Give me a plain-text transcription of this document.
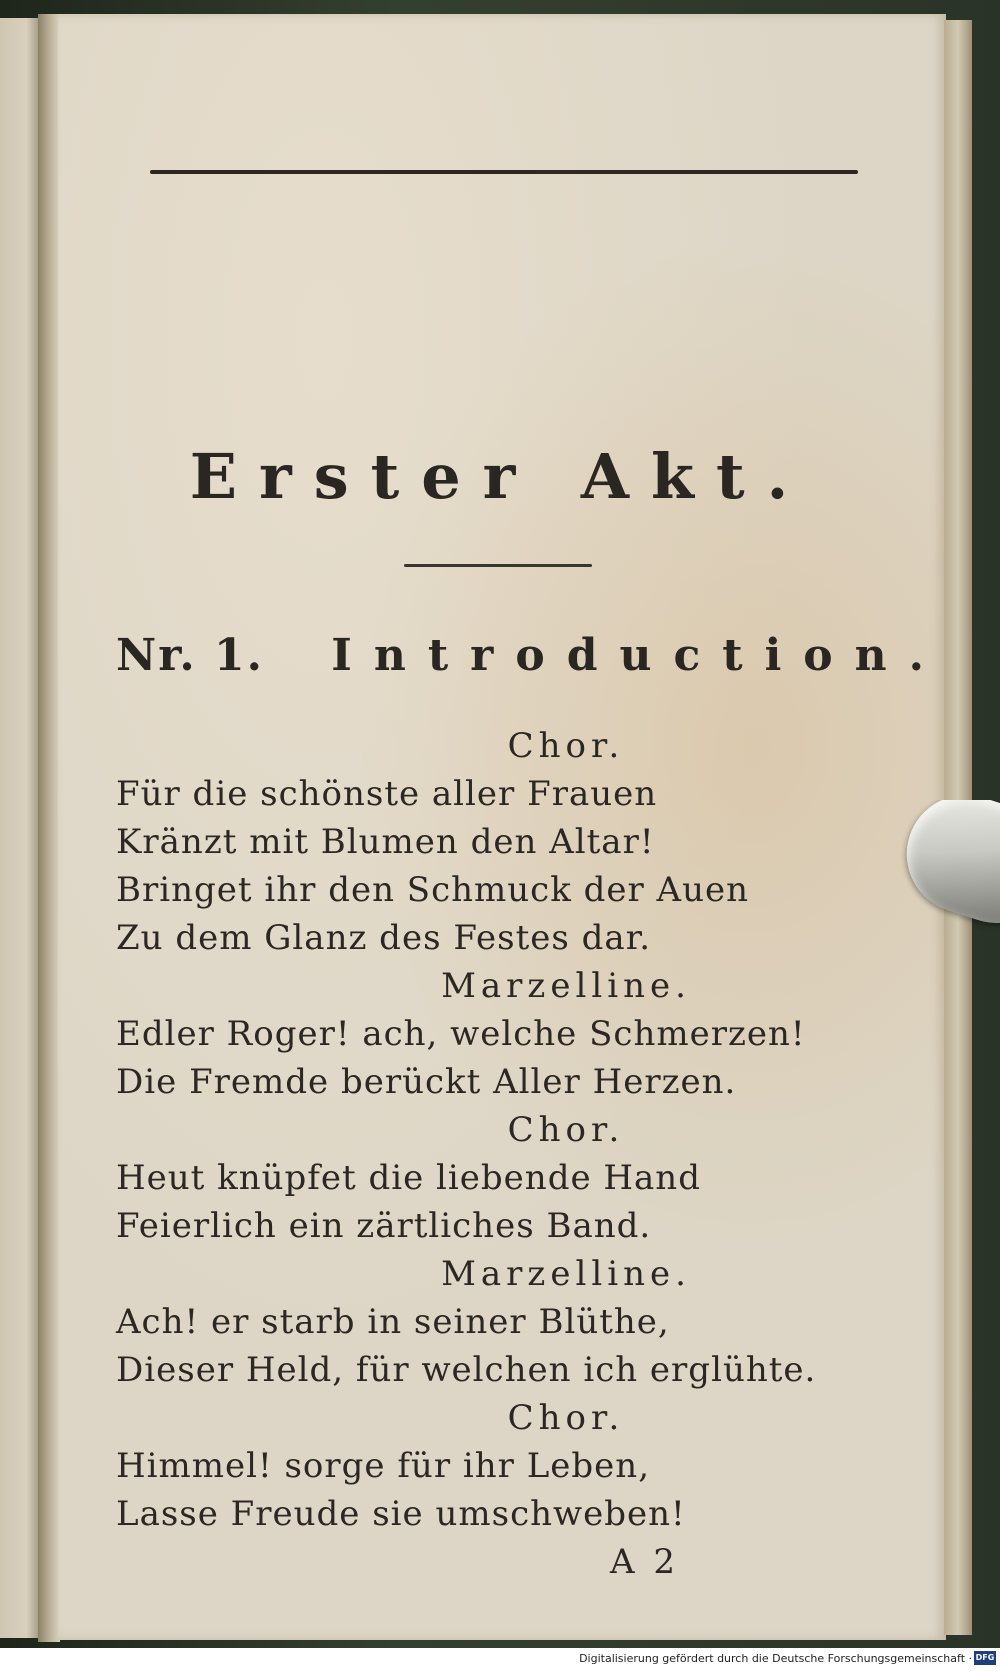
Erster Akt.
Nr. 1. Introduction.
Chor.
Für die schönste aller Frauen
Kränzt mit Blumen den Altar!
Bringet ihr den Schmuck der Auen
Zu dem Glanz des Festes dar.
Marzelline.
Edler Roger! ach, welche Schmerzen!
Die Fremde berückt Aller Herzen.
Chor.
Heut knüpfet die liebende Hand
Feierlich ein zärtliches Band.
Marzelline.
Ach! er starb in seiner Blüthe,
Dieser Held, für welchen ich erglühte.
Chor.
Himmel! sorge für ihr Leben,
Lasse Freude sie umschweben!
A 2
Digitalisierung gefördert durch die Deutsche Forschungsgemeinschaft · DFG
